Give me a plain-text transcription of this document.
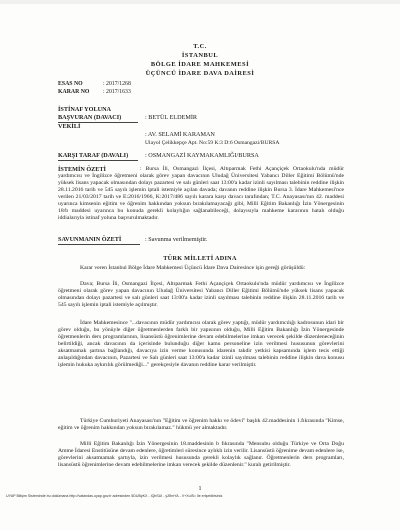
T.C.
İSTANBUL
BÖLGE İDARE MAHKEMESİ
ÜÇÜNCÜ İDARE DAVA DAİRESİ
ESAS NO	: 2017/1268
KARAR NO : 2017/1633
İSTİNAF YOLUNA
BAŞVURAN (DAVACI)	: BETÜL ELDEMİR
VEKİLİ
: AV. SELAMİ KARAMAN
Ulayol Çelikkepçe Apt. No:59 K:3 D:6 Osmangazi/BURSA
KARŞI TARAF (DAVALI)	: OSMANGAZİ KAYMAKAMLIĞI/BURSA
İSTEMİN ÖZETİ	: Bursa İli, Osmangazi İlçesi, Altıparmak Fethi Açançiçek Ortaokulu'nda müdür yardımcısı ve İngilizce öğretmeni olarak görev yapan davacının Uludağ Üniversitesi Yabancı Diller Eğitimi Bölümü'nde yüksek lisans yapacak olmasından dolayı pazartesi ve salı günleri saat 13:00'a kadar izinli sayılması talebinin reddine ilişkin 28.11.2016 tarih ve 545 sayılı işlemin iptali istemiyle açılan davada; davanın reddine ilişkin Bursa 3. İdare Mahkemesi'nce verilen 21/03/2017 tarih ve E:2016/1966, K:2017/486 sayılı karara karşı davacı tarafından; T.C. Anayasası'nın 42. maddesi uyarınca kimsenin eğitim ve öğrenim hakkından yoksun bırakılamayacağı gibi, Milli Eğitim Bakanlığı İzin Yönergesinin 18/b maddesi uyarınca bu konuda gerekli kolaylığın sağlanabileceği, dolayısıyla mahkeme kararının hatalı olduğu iddialarıyla istinaf yoluna başvurulmaktadır.
SAVUNMANIN ÖZETİ	: Savunma verilmemiştir.
TÜRK MİLLETİ ADINA
Karar veren İstanbul Bölge İdare Mahkemesi Üçüncü İdare Dava Dairesince işin gereği görüşüldü:
Dava; Bursa İli, Osmangazi İlçesi, Altıparmak Fethi Açançiçek Ortaokulu'nda müdür yardımcısı ve İngilizce öğretmeni olarak görev yapan davacının Uludağ Üniversitesi Yabancı Diller Eğitimi Bölümü'nde yüksek lisans yapacak olmasından dolayı pazartesi ve salı günleri saat 13:00'a kadar izinli sayılması talebinin reddine ilişkin 28.11.2016 tarih ve 545 sayılı işlemin iptali istemiyle açılmıştır.
İdare Mahkemesince "...davacının müdür yardımcısı olarak görev yaptığı, müdür yardımcılığı kadrosunun idari bir görev olduğu, bu yönüyle diğer öğretmenlerden farklı bir yapısının olduğu, Milli Eğitim Bakanlığı İzin Yönergesinde öğretmenlerin ders programlarının, lisansüstü öğrenimlerine devam edebilmelerine imkan verecek şekilde düzenleneceğinin belirtildiği, ancak davacının da içerisinde bulunduğu diğer kamu personeline izin verilmesi hususunun görevlerini aksatmamak şartına bağlandığı, davacıya izin verme konusunda idarenin takdir yetkisi kapsamında işlem tesis ettiği anlaşıldığından davacının, Pazartesi ve Salı günleri saat 13:00'a kadar izinli sayılması talebinin reddine ilişkin dava konusu işlemin hukuka aykırılık görülmediği..." gerekçesiyle davanın reddine karar verilmiştir.
Türkiye Cumhuriyeti Anayasası'nın "Eğitim ve öğrenim hakkı ve ödevi" başlık 42.maddesinin 1.fıkrasında "Kimse, eğitim ve öğrenim hakkından yoksun bırakılamaz." hükmü yer almaktadır.
Milli Eğitim Bakanlığı İzin Yönergesinin 18.maddesinin b fıkrasında "Mensubu olduğu Türkiye ve Orta Doğu Amme İdaresi Enstitüsüne devam edenlere, öğretimleri süresince aylıklı izin verilir. Lisansüstü öğrenime devam edenlere ise, görevlerini aksatmamak şartıyla, izin verilmesi hususunda gerekli kolaylık sağlanır. Öğretmenlerin ders programları, lisansüstü öğrenimlerine devam edebilmelerine imkan verecek şekilde düzenlenir." kuralı getirilmiştir.
1
UYAP Bilişim Sisteminde bu dokümana http://vatandas.uyap.gov.tr adresinden 5DUByKX - IQbSUl - yZfimYA - V+XuIS= ile erişebilirsiniz.
